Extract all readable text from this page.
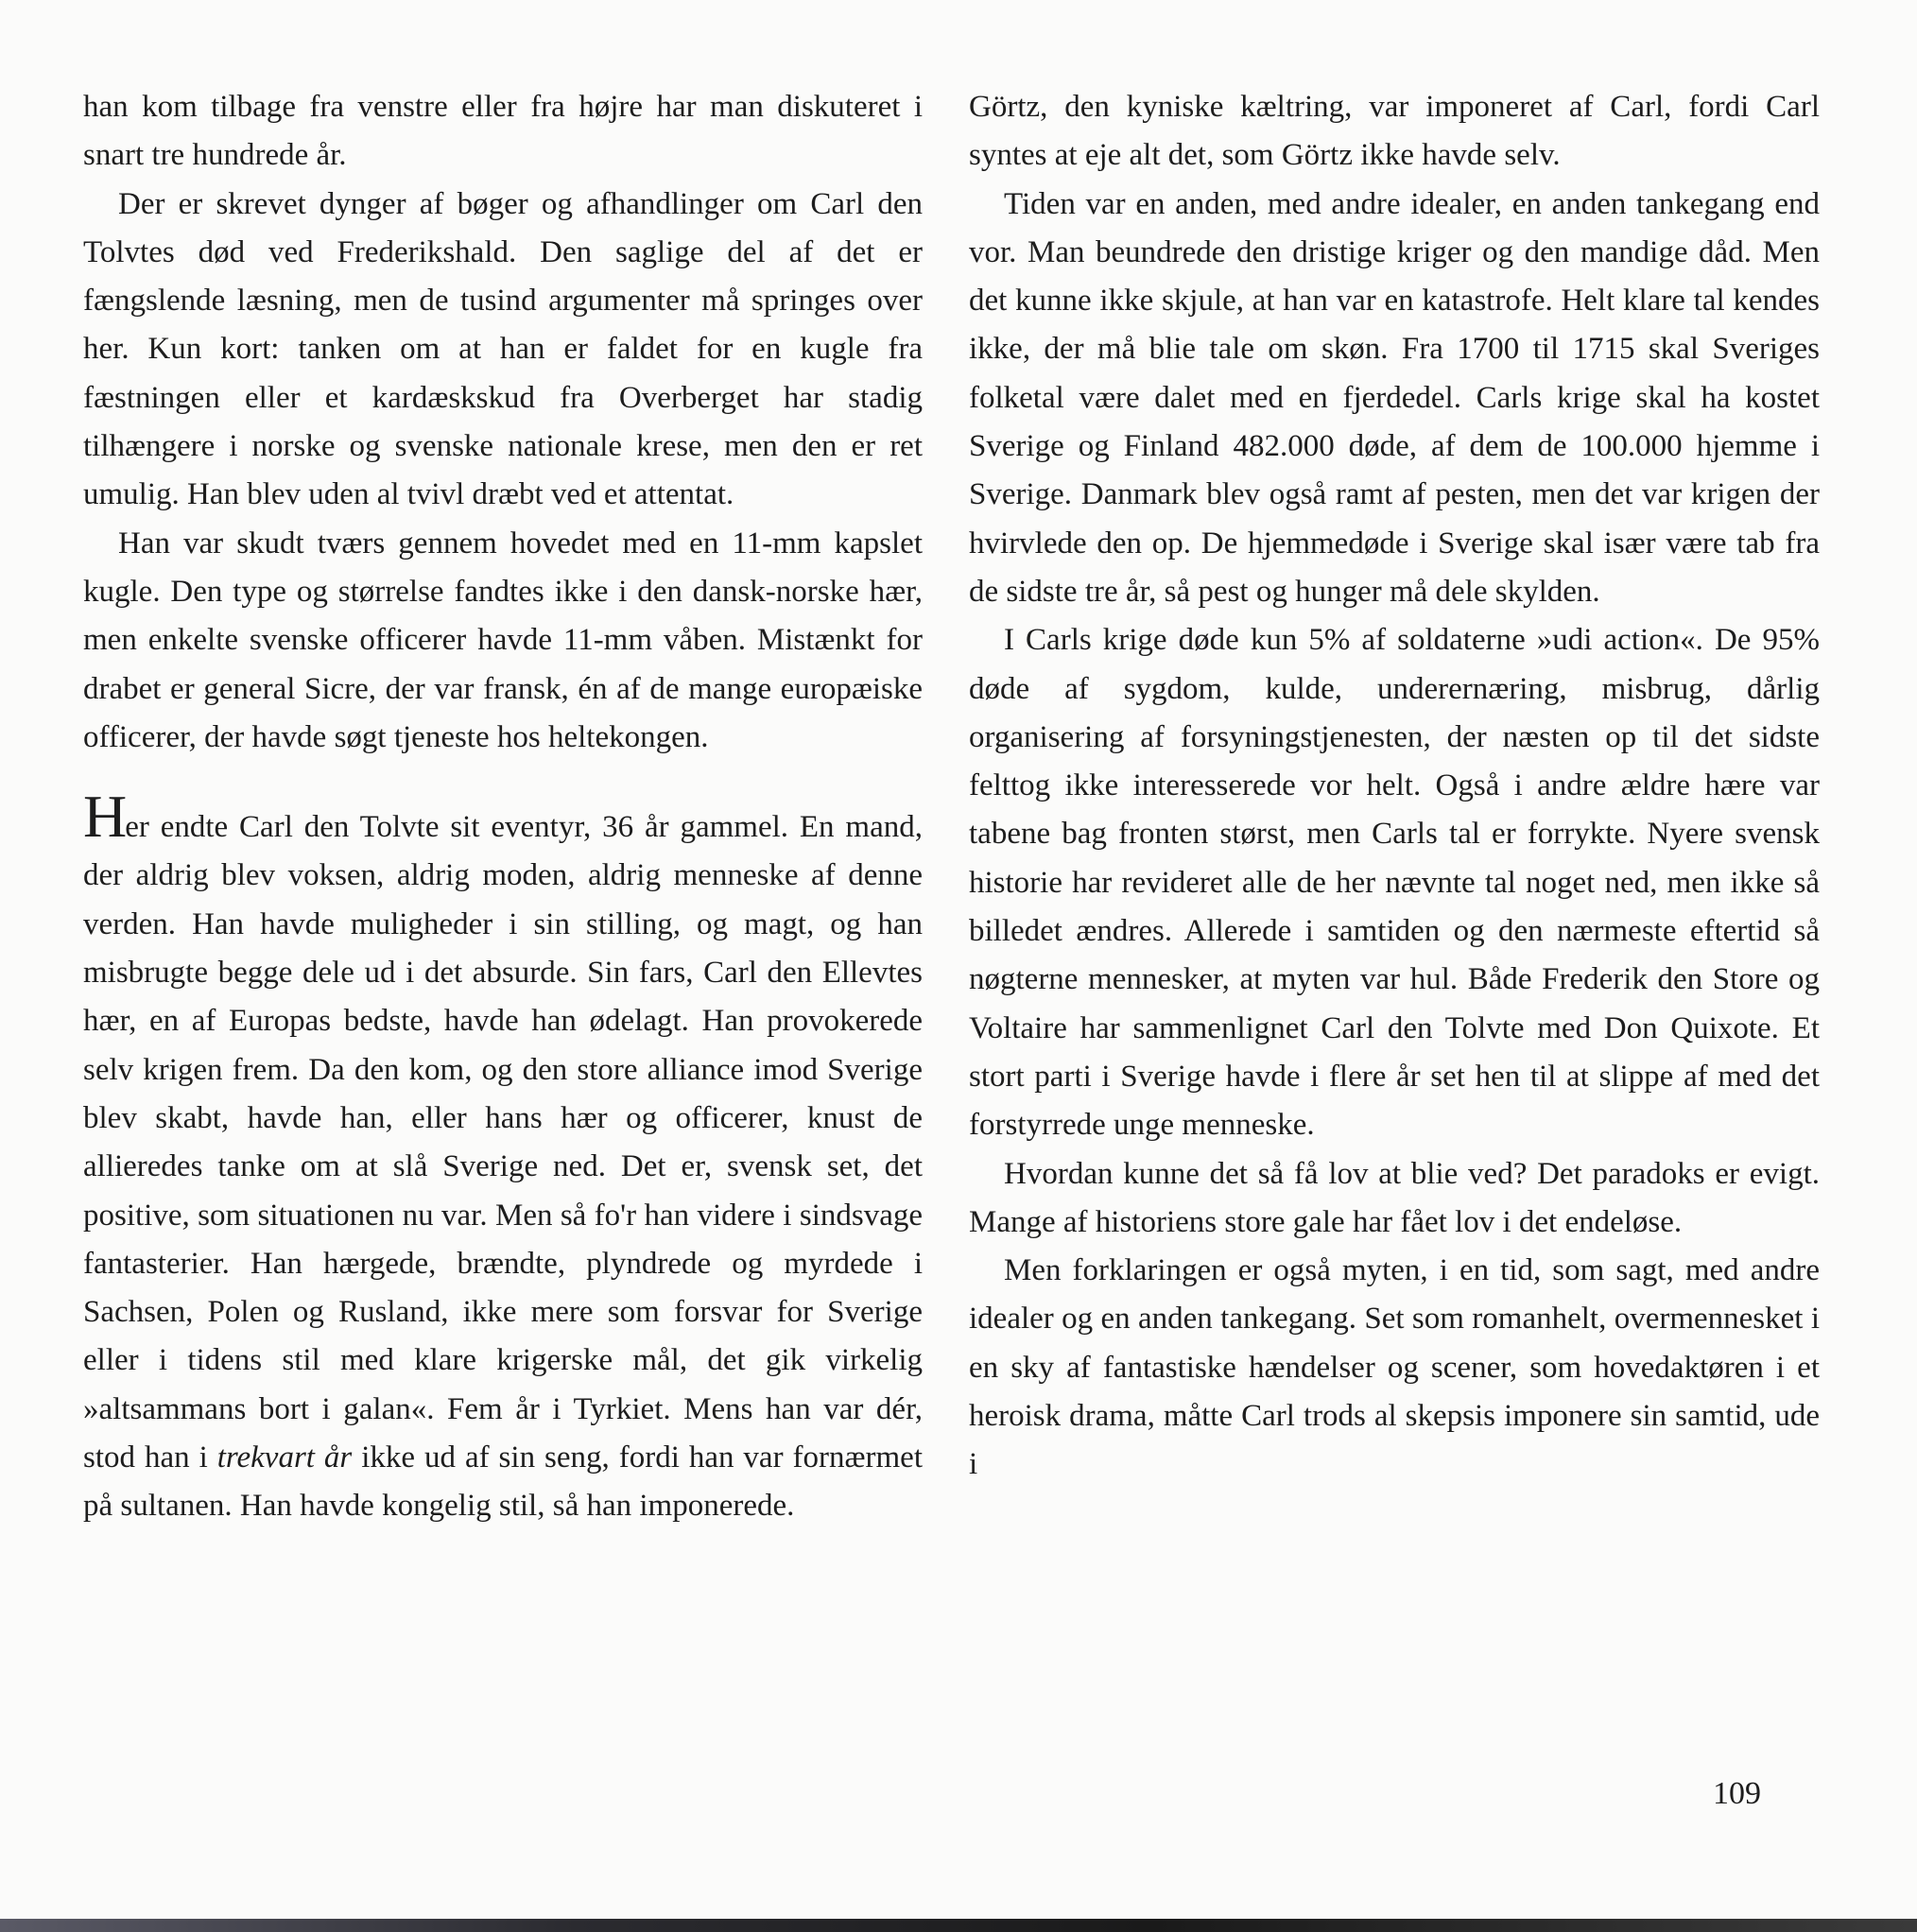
han kom tilbage fra venstre eller fra højre har man diskuteret i snart tre hundrede år.

Der er skrevet dynger af bøger og afhandlinger om Carl den Tolvtes død ved Frederikshald. Den saglige del af det er fængslende læsning, men de tusind argumenter må springes over her. Kun kort: tanken om at han er faldet for en kugle fra fæstningen eller et kardæskskud fra Overberget har stadig tilhængere i norske og svenske nationale krese, men den er ret umulig. Han blev uden al tvivl dræbt ved et attentat.

Han var skudt tværs gennem hovedet med en 11-mm kapslet kugle. Den type og størrelse fandtes ikke i den dansk-norske hær, men enkelte svenske officerer havde 11-mm våben. Mistænkt for drabet er general Sicre, der var fransk, én af de mange europæiske officerer, der havde søgt tjeneste hos heltekongen.

Her endte Carl den Tolvte sit eventyr, 36 år gammel. En mand, der aldrig blev voksen, aldrig moden, aldrig menneske af denne verden. Han havde muligheder i sin stilling, og magt, og han misbrugte begge dele ud i det absurde. Sin fars, Carl den Ellevtes hær, en af Europas bedste, havde han ødelagt. Han provokerede selv krigen frem. Da den kom, og den store alliance imod Sverige blev skabt, havde han, eller hans hær og officerer, knust de allieredes tanke om at slå Sverige ned. Det er, svensk set, det positive, som situationen nu var. Men så fo'r han videre i sindsvage fantasterier. Han hærgede, brændte, plyndrede og myrdede i Sachsen, Polen og Rusland, ikke mere som forsvar for Sverige eller i tidens stil med klare krigerske mål, det gik virkelig »altsammans bort i galan«. Fem år i Tyrkiet. Mens han var dér, stod han i trekvart år ikke ud af sin seng, fordi han var fornærmet på sultanen. Han havde kongelig stil, så han imponerede.

Görtz, den kyniske kæltring, var imponeret af Carl, fordi Carl syntes at eje alt det, som Görtz ikke havde selv.

Tiden var en anden, med andre idealer, en anden tankegang end vor. Man beundrede den dristige kriger og den mandige dåd. Men det kunne ikke skjule, at han var en katastrofe. Helt klare tal kendes ikke, der må blie tale om skøn. Fra 1700 til 1715 skal Sveriges folketal være dalet med en fjerdedel. Carls krige skal ha kostet Sverige og Finland 482.000 døde, af dem de 100.000 hjemme i Sverige. Danmark blev også ramt af pesten, men det var krigen der hvirvlede den op. De hjemmedøde i Sverige skal især være tab fra de sidste tre år, så pest og hunger må dele skylden.

I Carls krige døde kun 5% af soldaterne »udi action«. De 95% døde af sygdom, kulde, underernæring, misbrug, dårlig organisering af forsyningstjenesten, der næsten op til det sidste felttog ikke interesserede vor helt. Også i andre ældre hære var tabene bag fronten størst, men Carls tal er forrykte. Nyere svensk historie har revideret alle de her nævnte tal noget ned, men ikke så billedet ændres. Allerede i samtiden og den nærmeste eftertid så nøgterne mennesker, at myten var hul. Både Frederik den Store og Voltaire har sammenlignet Carl den Tolvte med Don Quixote. Et stort parti i Sverige havde i flere år set hen til at slippe af med det forstyrrede unge menneske.

Hvordan kunne det så få lov at blie ved? Det paradoks er evigt. Mange af historiens store gale har fået lov i det endeløse.

Men forklaringen er også myten, i en tid, som sagt, med andre idealer og en anden tankegang. Set som romanhelt, overmennesket i en sky af fantastiske hændelser og scener, som hovedaktøren i et heroisk drama, måtte Carl trods al skepsis imponere sin samtid, ude i

109
